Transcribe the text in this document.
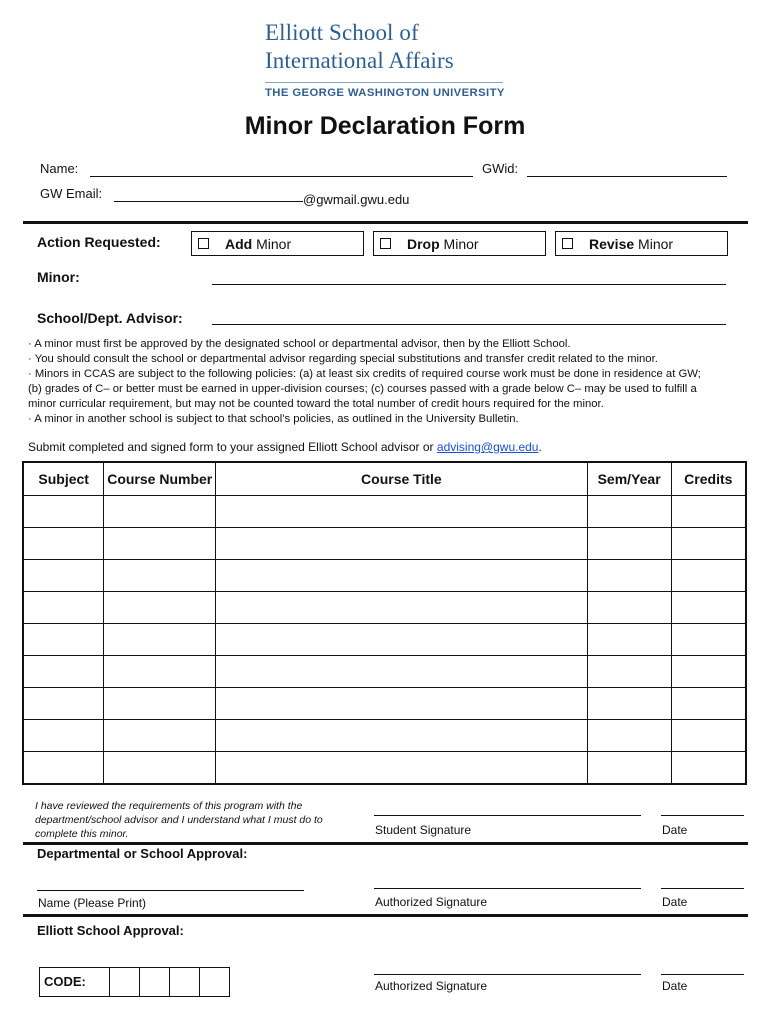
Elliott School of
International Affairs
THE GEORGE WASHINGTON UNIVERSITY
Minor Declaration Form
Name:	GWid:
GW Email:	@gwmail.gwu.edu
Action Requested:	Add Minor	Drop Minor	Revise Minor
Minor:
School/Dept. Advisor:
· A minor must first be approved by the designated school or departmental advisor, then by the Elliott School.
· You should consult the school or departmental advisor regarding special substitutions and transfer credit related to the minor.
· Minors in CCAS are subject to the following policies: (a) at least six credits of required course work must be done in residence at GW;
(b) grades of C– or better must be earned in upper-division courses; (c) courses passed with a grade below C– may be used to fulfill a
minor curricular requirement, but may not be counted toward the total number of credit hours required for the minor.
· A minor in another school is subject to that school's policies, as outlined in the University Bulletin.
Submit completed and signed form to your assigned Elliott School advisor or advising@gwu.edu.
Subject	Course Number	Course Title	Sem/Year	Credits

I have reviewed the requirements of this program with the department/school advisor and I understand what I must do to complete this minor.	Student Signature	Date
Departmental or School Approval:
Name (Please Print)	Authorized Signature	Date
Elliott School Approval:
CODE:	Authorized Signature	Date
